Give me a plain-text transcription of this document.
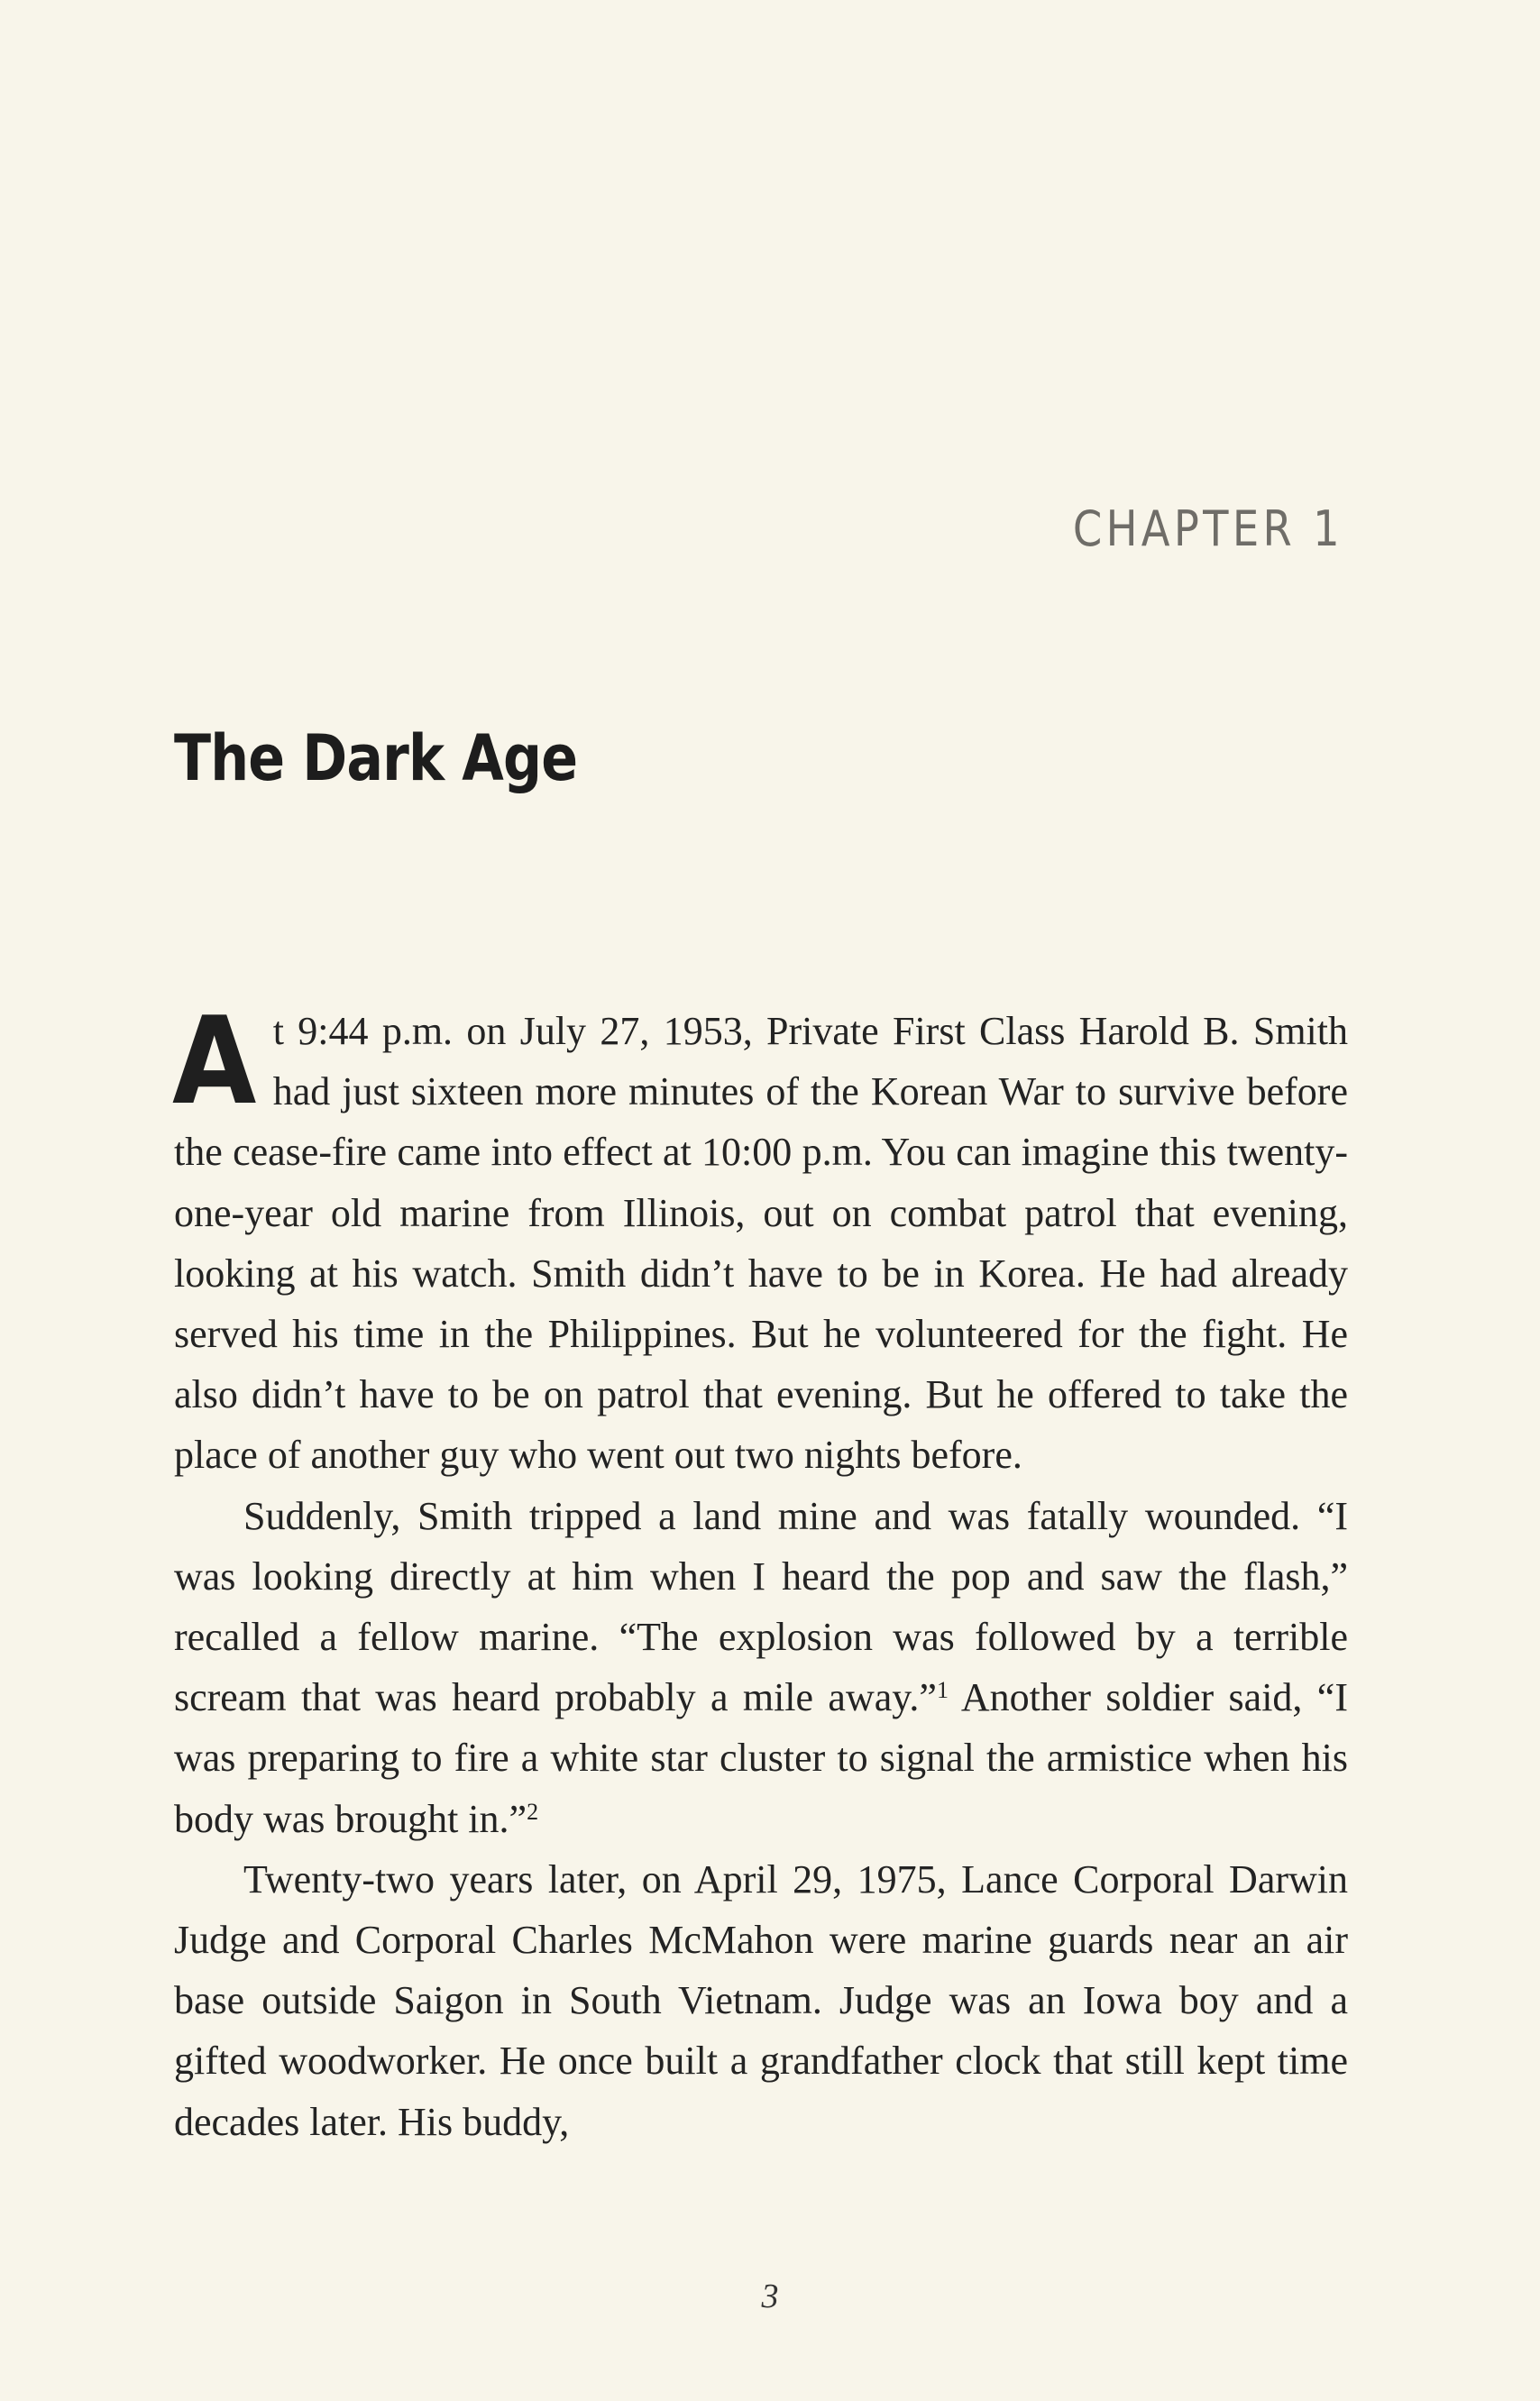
CHAPTER 1
The Dark Age

At 9:44 p.m. on July 27, 1953, Private First Class Harold B. Smith had just sixteen more minutes of the Korean War to survive before the cease-fire came into effect at 10:00 p.m. You can imagine this twenty-one-year old marine from Illinois, out on combat patrol that evening, looking at his watch. Smith didn’t have to be in Korea. He had already served his time in the Philippines. But he volunteered for the fight. He also didn’t have to be on patrol that evening. But he offered to take the place of another guy who went out two nights before.

Suddenly, Smith tripped a land mine and was fatally wounded. “I was looking directly at him when I heard the pop and saw the flash,” recalled a fellow marine. “The explosion was followed by a terrible scream that was heard probably a mile away.”$^1$ Another soldier said, “I was preparing to fire a white star cluster to signal the armistice when his body was brought in.”$^2$

Twenty-two years later, on April 29, 1975, Lance Corporal Darwin Judge and Corporal Charles McMahon were marine guards near an air base outside Saigon in South Vietnam. Judge was an Iowa boy and a gifted woodworker. He once built a grandfather clock that still kept time decades later. His buddy,

3
